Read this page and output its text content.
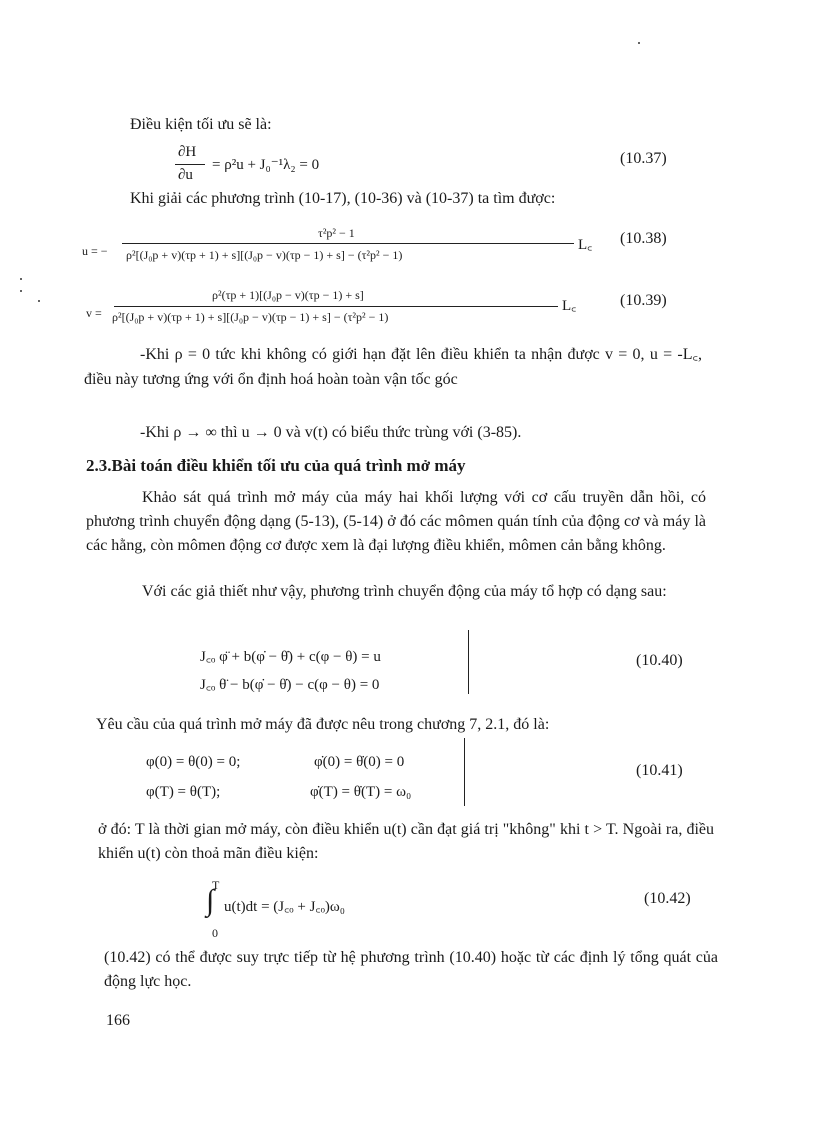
Điều kiện tối ưu sẽ là:
∂H
∂u
= ρ²u + J₀⁻¹λ₂ = 0	(10.37)
Khi giải các phương trình (10-17), (10-36) và (10-37) ta tìm được:
u = −
τ²p² − 1
ρ²[(J₀p + v)(τp + 1) + s][(J₀p − v)(τp − 1) + s] − (τ²p² − 1)
L꜀ (10.38)
v =
ρ²(τp + 1)[(J₀p − v)(τp − 1) + s]
ρ²[(J₀p + v)(τp + 1) + s][(J₀p − v)(τp − 1) + s] − (τ²p² − 1)
L꜀	(10.39)
-Khi ρ = 0 tức khi không có giới hạn đặt lên điều khiển ta nhận được v = 0, u = -L꜀, điều này tương ứng với ổn định hoá hoàn toàn vận tốc góc
-Khi ρ → ∞ thì u → 0 và v(t) có biểu thức trùng với (3-85).
2.3.Bài toán điều khiển tối ưu của quá trình mở máy
Khảo sát quá trình mở máy của máy hai khối lượng với cơ cấu truyền dẫn hồi, có phương trình chuyển động dạng (5-13), (5-14) ở đó các mômen quán tính của động cơ và máy là các hằng, còn mômen động cơ được xem là đại lượng điều khiển, mômen cản bằng không.
Với các giả thiết như vậy, phương trình chuyển động của máy tổ hợp có dạng sau:
J꜀ₒ φ̈ + b(φ̇ − θ̇) + c(φ − θ) = u
J꜀ₒ θ̈ − b(φ̇ − θ̇) − c(φ − θ) = 0
(10.40)
Yêu cầu của quá trình mở máy đã được nêu trong chương 7, 2.1, đó là:
φ(0) = θ(0) = 0;	φ̇(0) = θ̇(0) = 0
φ(T) = θ(T);	φ̇(T) = θ̇(T) = ω₀
(10.41)
ở đó: T là thời gian mở máy, còn điều khiển u(t) cần đạt giá trị "không" khi t > T. Ngoài ra, điều khiển u(t) còn thoả mãn điều kiện:
T
∫ u(t)dt = (J꜀ₒ + J꜀ₒ)ω₀
0
(10.42)
(10.42) có thể được suy trực tiếp từ hệ phương trình (10.40) hoặc từ các định lý tổng quát của động lực học.
166
